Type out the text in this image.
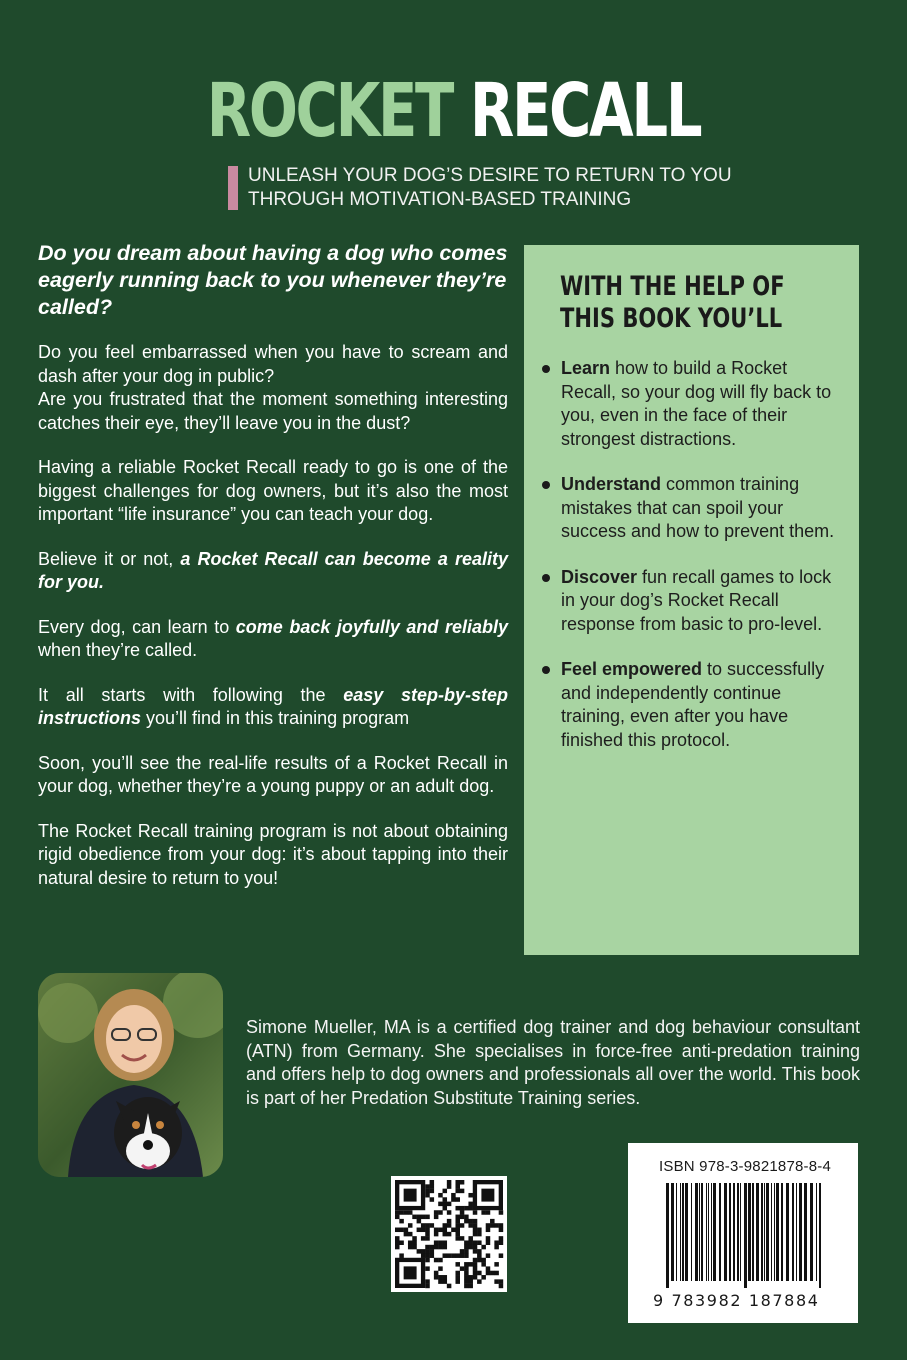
ROCKET RECALL
UNLEASH YOUR DOG’S DESIRE TO RETURN TO YOU
THROUGH MOTIVATION-BASED TRAINING

Do you dream about having a dog who comes eagerly running back to you whenever they’re called?

Do you feel embarrassed when you have to scream and dash after your dog in public?
Are you frustrated that the moment something interesting catches their eye, they’ll leave you in the dust?

Having a reliable Rocket Recall ready to go is one of the biggest challenges for dog owners, but it’s also the most important “life insurance” you can teach your dog.

Believe it or not, a Rocket Recall can become a reality for you.

Every dog, can learn to come back joyfully and reliably when they’re called.

It all starts with following the easy step-by-step instructions you’ll find in this training program

Soon, you’ll see the real-life results of a Rocket Recall in your dog, whether they’re a young puppy or an adult dog.

The Rocket Recall training program is not about obtaining rigid obedience from your dog: it’s about tapping into their natural desire to return to you!

WITH THE HELP OF
THIS BOOK YOU’LL
Learn how to build a Rocket Recall, so your dog will fly back to you, even in the face of their strongest distractions.
Understand common training mistakes that can spoil your success and how to prevent them.
Discover fun recall games to lock in your dog’s Rocket Recall response from basic to pro-level.
Feel empowered to successfully and independently continue training, even after you have finished this protocol.
Simone Mueller, MA is a certified dog trainer and dog behaviour consultant (ATN) from Germany. She specialises in force-free anti-predation training and offers help to dog owners and professionals all over the world. This book is part of her Predation Substitute Training series.
ISBN 978-3-9821878-8-4
9 783982 187884
